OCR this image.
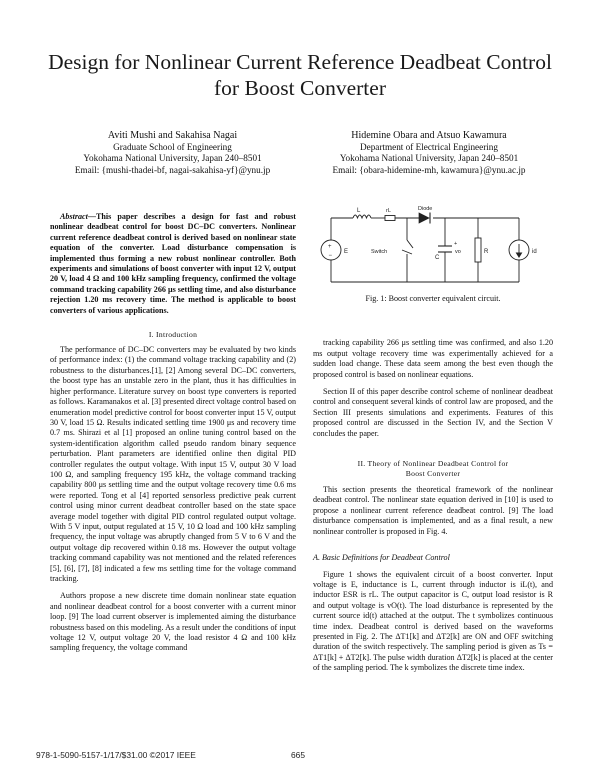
Design for Nonlinear Current Reference Deadbeat Control for Boost Converter
Aviti Mushi and Sakahisa Nagai
Graduate School of Engineering
Yokohama National University, Japan 240–8501
Email: {mushi-thadei-bf, nagai-sakahisa-yf}@ynu.jp
Hidemine Obara and Atsuo Kawamura
Department of Electrical Engineering
Yokohama National University, Japan 240–8501
Email: {obara-hidemine-mh, kawamura}@ynu.ac.jp

Abstract—This paper describes a design for fast and robust nonlinear deadbeat control for boost DC–DC converters. Nonlinear current reference deadbeat control is derived based on nonlinear state equation of the converter. Load disturbance compensation is implemented thus forming a new robust nonlinear controller. Both experiments and simulations of boost converter with input 12 V, output 20 V, load 4 Ω and 100 kHz sampling frequency, confirmed the voltage command tracking capability 266 μs settling time, and also disturbance rejection 1.20 ms recovery time. The method is applicable to boost converters of various applications.

I. Introduction

The performance of DC–DC converters may be evaluated by two kinds of performance index: (1) the command voltage tracking capability and (2) robustness to the disturbances.[1], [2] Among several DC–DC converters, the boost type has an unstable zero in the plant, thus it has difficulties in higher performance. Literature survey on boost type converters is reported as follows. Karamanakos et al. [3] presented direct voltage control based on enumeration model predictive control for boost converter input 15 V, output 30 V, load 15 Ω. Results indicated settling time 1900 μs and recovery time 0.7 ms. Shirazi et al [1] proposed an online tuning control based on the system-identification algorithm called pseudo random binary sequence perturbation. Plant parameters are identified online then digital PID controller regulates the output voltage. With input 15 V, output 30 V load 100 Ω, and sampling frequency 195 kHz, the voltage command tracking capability 800 μs settling time and the output voltage recovery time 0.6 ms were reported. Tong et al [4] reported sensorless predictive peak current control using minor current deadbeat controller based on the state space average model together with digital PID control regulated output voltage. With 5 V input, output regulated at 15 V, 10 Ω load and 100 kHz sampling frequency, the input voltage was abruptly changed from 5 V to 6 V and the output voltage dip recovered within 0.18 ms. However the output voltage tracking command capability was not mentioned and the related references [5], [6], [7], [8] indicated a few ms settling time for the voltage command tracking.

Authors propose a new discrete time domain nonlinear state equation and nonlinear deadbeat control for a boost converter with a current minor loop. [9] The load current observer is implemented aiming the disturbance robustness based on this modeling. As a result under the conditions of input voltage 12 V, output voltage 20 V, the load resistor 4 Ω and 100 kHz sampling frequency, the voltage command

+
−
+
L	rL	Diode
E	Switch
C
vo	R	id
Fig. 1: Boost converter equivalent circuit.

tracking capability 266 μs settling time was confirmed, and also 1.20 ms output voltage recovery time was experimentally achieved for a sudden load change. These data seem among the best even though the proposed control is based on nonlinear equations.

Section II of this paper describe control scheme of nonlinear deadbeat control and consequent several kinds of control law are proposed, and the Section III presents simulations and experiments. Features of this proposed control are discussed in the Section IV, and the Section V concludes the paper.

II. Theory of Nonlinear Deadbeat Control for
Boost Converter

This section presents the theoretical framework of the nonlinear deadbeat control. The nonlinear state equation derived in [10] is used to propose a nonlinear current reference deadbeat control. [9] The load disturbance compensation is implemented, and as a final result, a new nonlinear controller is proposed in Fig. 4.

A. Basic Definitions for Deadbeat Control

Figure 1 shows the equivalent circuit of a boost converter. Input voltage is E, inductance is L, current through inductor is iL(t), and inductor ESR is rL. The output capacitor is C, output load resistor is R and output voltage is vO(t). The load disturbance is represented by the current source id(t) attached at the output. The t symbolizes continuous time index. Deadbeat control is derived based on the waveforms presented in Fig. 2. The ΔT1[k] and ΔT2[k] are ON and OFF switching duration of the switch respectively. The sampling period is given as Ts = ΔT1[k] + ΔT2[k]. The pulse width duration ΔT2[k] is placed at the center of the sampling period. The k symbolizes the discrete time index.

978-1-5090-5157-1/17/$31.00 ©2017 IEEE	665
